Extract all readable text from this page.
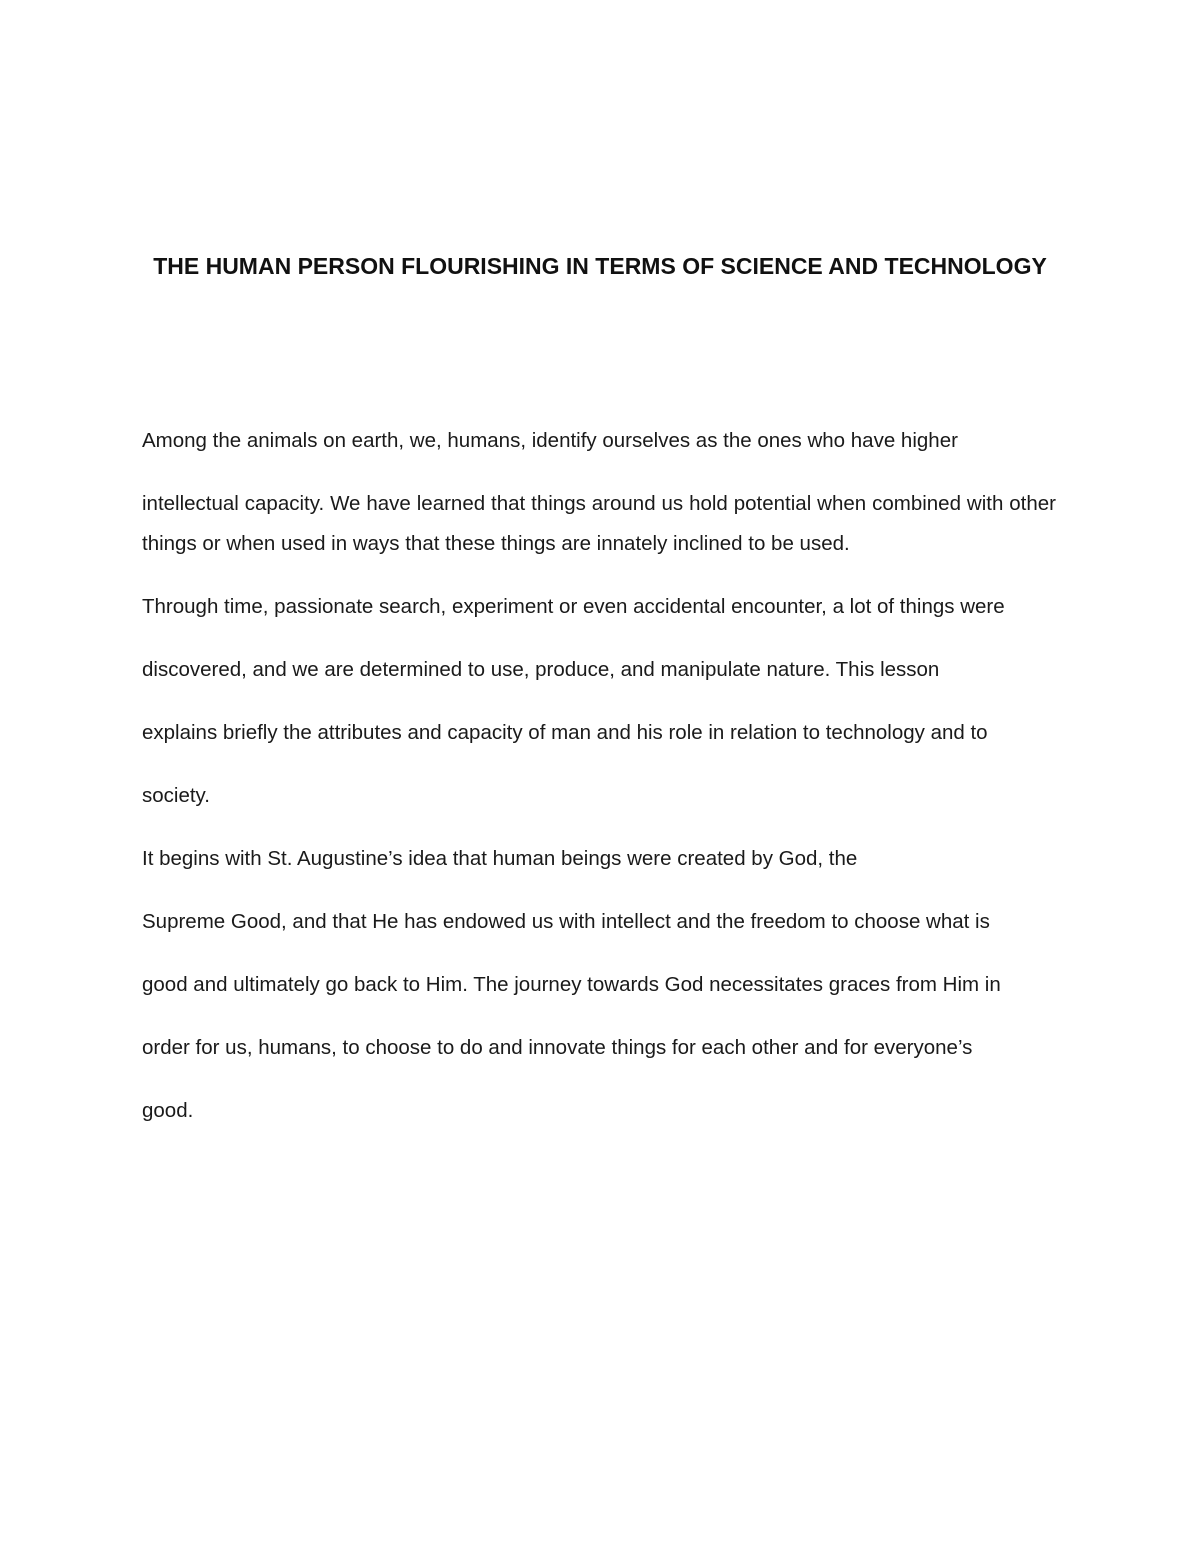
THE HUMAN PERSON FLOURISHING IN TERMS OF SCIENCE AND TECHNOLOGY

Among the animals on earth, we, humans, identify ourselves as the ones who have higher

intellectual capacity. We have learned that things around us hold potential when combined with other things or when used in ways that these things are innately inclined to be used.

Through time, passionate search, experiment or even accidental encounter, a lot of things were

discovered, and we are determined to use, produce, and manipulate nature. This lesson

explains briefly the attributes and capacity of man and his role in relation to technology and to

society.

It begins with St. Augustine’s idea that human beings were created by God, the

Supreme Good, and that He has endowed us with intellect and the freedom to choose what is

good and ultimately go back to Him. The journey towards God necessitates graces from Him in

order for us, humans, to choose to do and innovate things for each other and for everyone’s

good.
